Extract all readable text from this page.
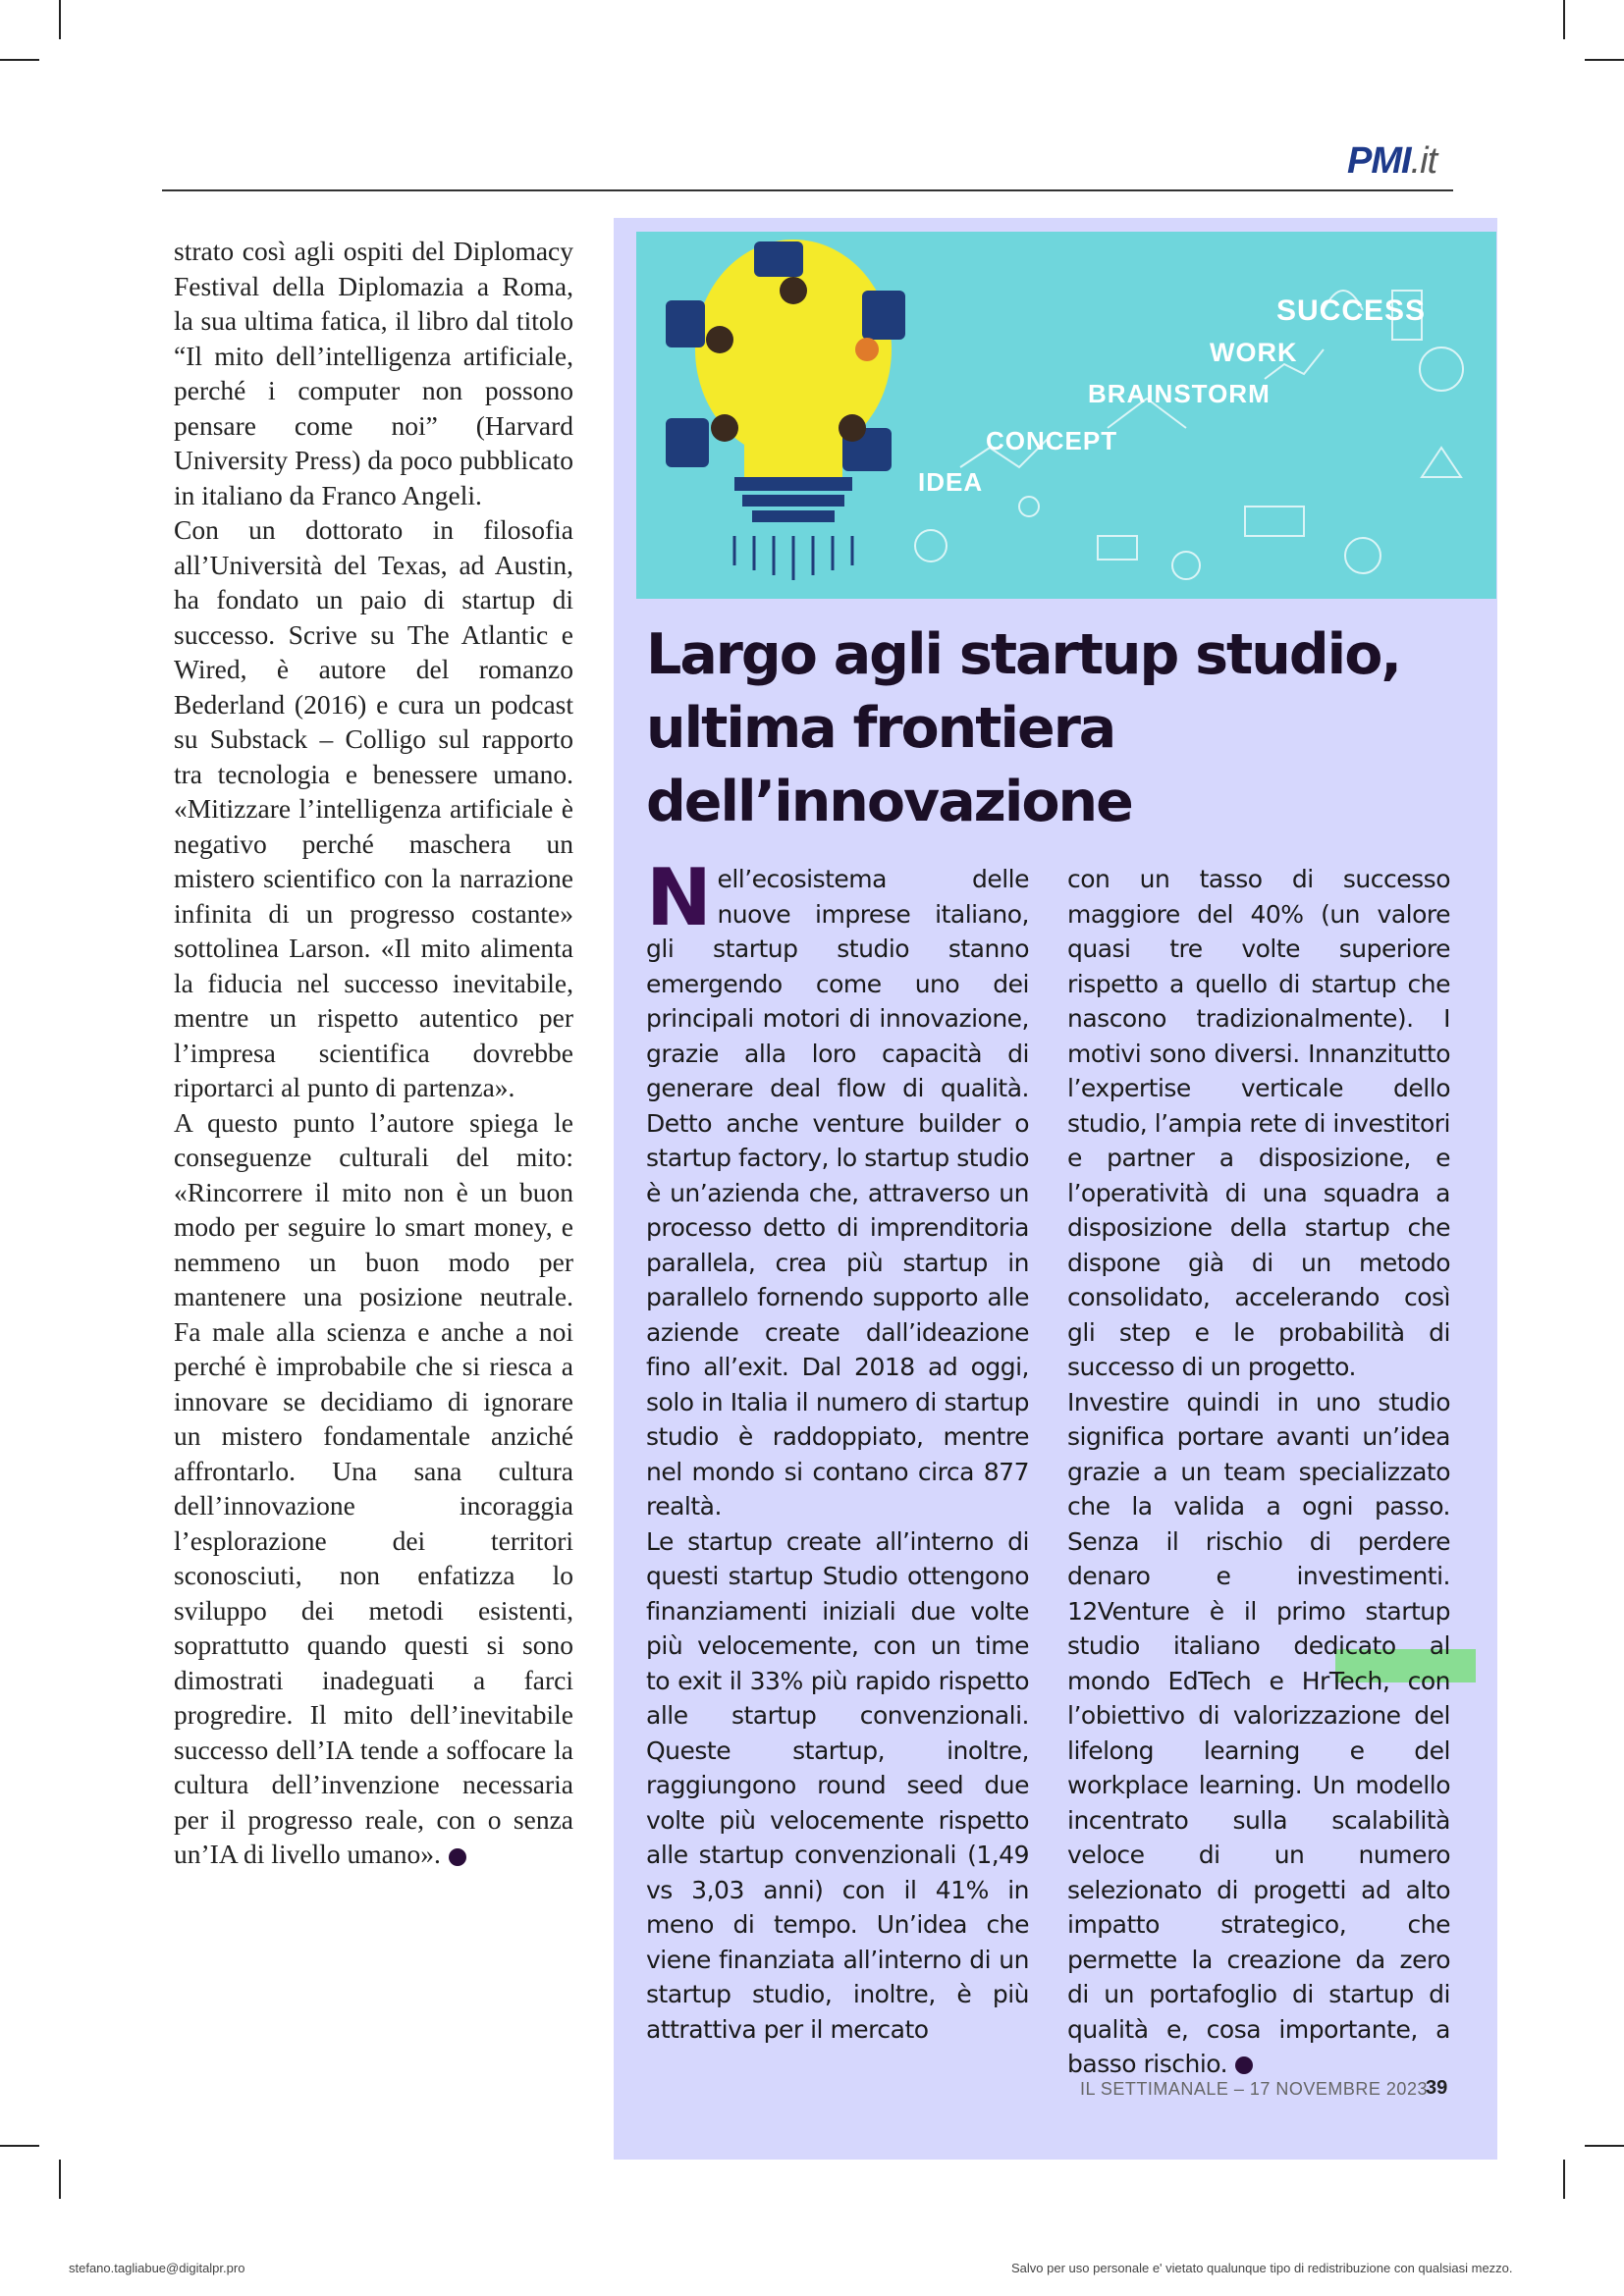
PMI.it

strato così agli ospiti del Diplomacy Festival della Diplomazia a Roma, la sua ultima fatica, il libro dal titolo “Il mito dell’intelligenza artificiale, perché i computer non possono pensare come noi” (Harvard University Press) da poco pubblicato in italiano da Franco Angeli.

Con un dottorato in filosofia all’Università del Texas, ad Austin, ha fondato un paio di startup di successo. Scrive su The Atlantic e Wired, è autore del romanzo Bederland (2016) e cura un podcast su Substack – Colligo sul rapporto tra tecnologia e benessere umano. «Mitizzare l’intelligenza artificiale è negativo perché maschera un mistero scientifico con la narrazione infinita di un progresso costante» sottolinea Larson. «Il mito alimenta la fiducia nel successo inevitabile, mentre un rispetto autentico per l’impresa scientifica dovrebbe riportarci al punto di partenza».

A questo punto l’autore spiega le conseguenze culturali del mito: «Rincorrere il mito non è un buon modo per seguire lo smart money, e nemmeno un buon modo per mantenere una posizione neutrale. Fa male alla scienza e anche a noi perché è improbabile che si riesca a innovare se decidiamo di ignorare un mistero fondamentale anziché affrontarlo. Una sana cultura dell’innovazione incoraggia l’esplorazione dei territori sconosciuti, non enfatizza lo sviluppo dei metodi esistenti, soprattutto quando questi si sono dimostrati inadeguati a farci progredire. Il mito dell’inevitabile successo dell’IA tende a soffocare la cultura dell’invenzione necessaria per il progresso reale, con o senza un’IA di livello umano».

SUCCESS
WORK
BRAINSTORM
CONCEPT
IDEA
Largo agli startup studio,
ultima frontiera
dell’innovazione

Nell’ecosistema delle nuove imprese italiano, gli startup studio stanno emergendo come uno dei principali motori di innovazione, grazie alla loro capacità di generare deal flow di qualità. Detto anche venture builder o startup factory, lo startup studio è un’azienda che, attraverso un processo detto di imprenditoria parallela, crea più startup in parallelo fornendo supporto alle aziende create dall’ideazione fino all’exit. Dal 2018 ad oggi, solo in Italia il numero di startup studio è raddoppiato, mentre nel mondo si contano circa 877 realtà.

Le startup create all’interno di questi startup Studio ottengono finanziamenti iniziali due volte più velocemente, con un time to exit il 33% più rapido rispetto alle startup convenzionali. Queste startup, inoltre, raggiungono round seed due volte più velocemente rispetto alle startup convenzionali (1,49 vs 3,03 anni) con il 41% in meno di tempo. Un’idea che viene finanziata all’interno di un startup studio, inoltre, è più attrattiva per il mercato

con un tasso di successo maggiore del 40% (un valore quasi tre volte superiore rispetto a quello di startup che nascono tradizionalmente). I motivi sono diversi. Innanzitutto l’expertise verticale dello studio, l’ampia rete di investitori e partner a disposizione, e l’operatività di una squadra a disposizione della startup che dispone già di un metodo consolidato, accelerando così gli step e le probabilità di successo di un progetto.

Investire quindi in uno studio significa portare avanti un’idea grazie a un team specializzato che la valida a ogni passo. Senza il rischio di perdere denaro e investimenti. 12Venture è il primo startup studio italiano dedicato al mondo EdTech e HrTech, con l’obiettivo di valorizzazione del lifelong learning e del workplace learning. Un modello incentrato sulla scalabilità veloce di un numero selezionato di progetti ad alto impatto strategico, che permette la creazione da zero di un portafoglio di startup di qualità e, cosa importante, a basso rischio.

IL SETTIMANALE – 17 NOVEMBRE 2023
39
stefano.tagliabue@digitalpr.pro	Salvo per uso personale e' vietato qualunque tipo di redistribuzione con qualsiasi mezzo.
